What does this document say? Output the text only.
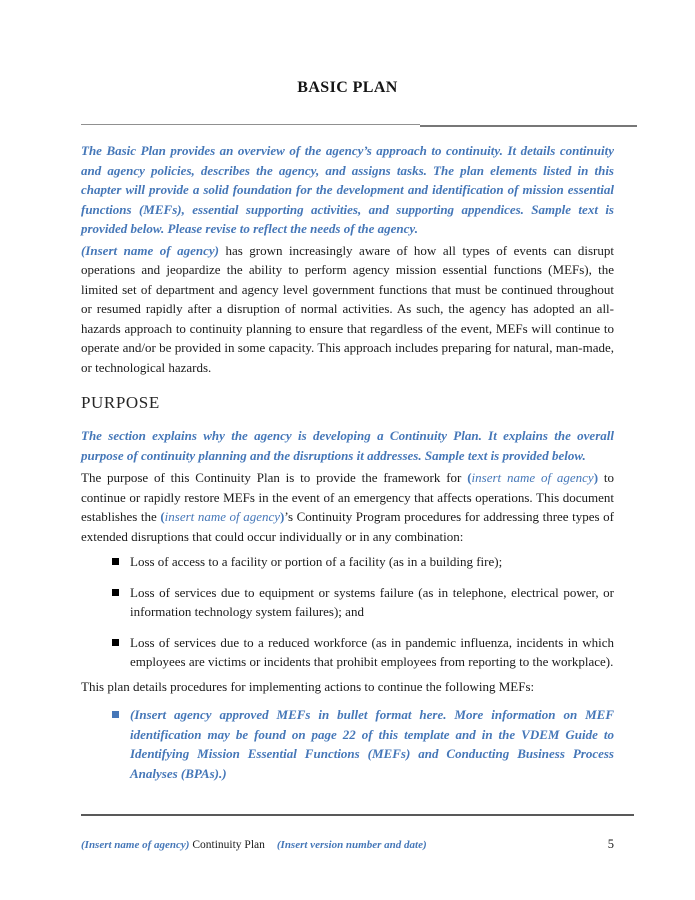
BASIC PLAN

The Basic Plan provides an overview of the agency’s approach to continuity. It details continuity and agency policies, describes the agency, and assigns tasks. The plan elements listed in this chapter will provide a solid foundation for the development and identification of mission essential functions (MEFs), essential supporting activities, and supporting appendices. Sample text is provided below. Please revise to reflect the needs of the agency.

(Insert name of agency) has grown increasingly aware of how all types of events can disrupt operations and jeopardize the ability to perform agency mission essential functions (MEFs), the limited set of department and agency level government functions that must be continued throughout or resumed rapidly after a disruption of normal activities. As such, the agency has adopted an all-hazards approach to continuity planning to ensure that regardless of the event, MEFs will continue to operate and/or be provided in some capacity. This approach includes preparing for natural, man-made, or technological hazards.

PURPOSE

The section explains why the agency is developing a Continuity Plan. It explains the overall purpose of continuity planning and the disruptions it addresses. Sample text is provided below.

The purpose of this Continuity Plan is to provide the framework for (insert name of agency) to continue or rapidly restore MEFs in the event of an emergency that affects operations. This document establishes the (insert name of agency)’s Continuity Program procedures for addressing three types of extended disruptions that could occur individually or in any combination:

Loss of access to a facility or portion of a facility (as in a building fire);
Loss of services due to equipment or systems failure (as in telephone, electrical power, or information technology system failures); and
Loss of services due to a reduced workforce (as in pandemic influenza, incidents in which employees are victims or incidents that prohibit employees from reporting to the workplace).

This plan details procedures for implementing actions to continue the following MEFs:

(Insert agency approved MEFs in bullet format here. More information on MEF identification may be found on page 22 of this template and in the VDEM Guide to Identifying Mission Essential Functions (MEFs) and Conducting Business Process Analyses (BPAs).)
(Insert name of agency) Continuity Plan (Insert version number and date)	5
